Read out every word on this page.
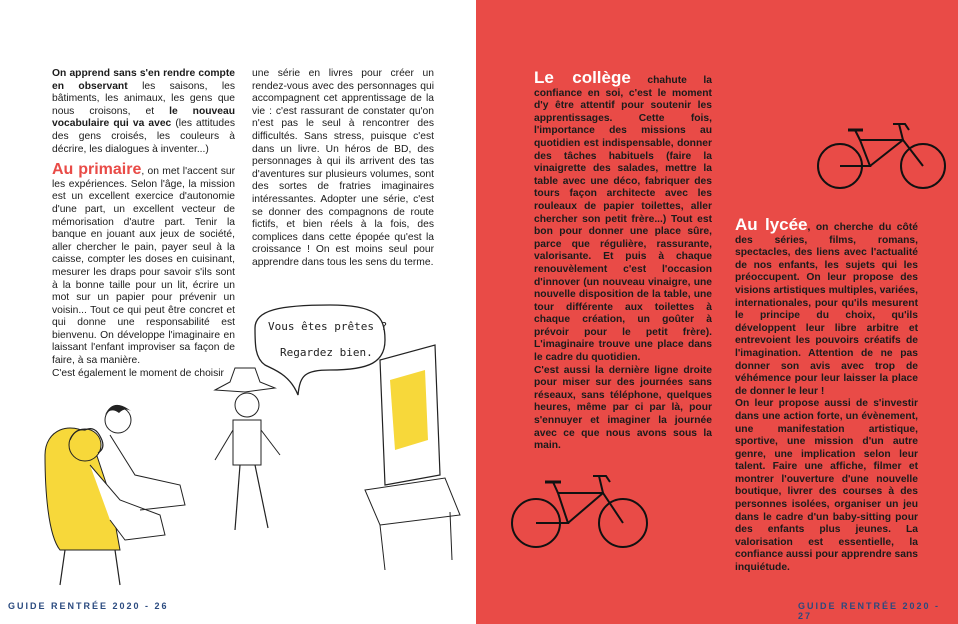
On apprend sans s'en rendre compte en observant les saisons, les bâtiments, les animaux, les gens que nous croisons, et le nouveau vocabulaire qui va avec (les attitudes des gens croisés, les couleurs à décrire, les dialogues à inventer...)

Au primaire, on met l'accent sur les expériences. Selon l'âge, la mission est un excellent exercice d'autonomie d'une part, un excellent vecteur de mémorisation d'autre part. Tenir la banque en jouant aux jeux de société, aller chercher le pain, payer seul à la caisse, compter les doses en cuisinant, mesurer les draps pour savoir s'ils sont à la bonne taille pour un lit, écrire un mot sur un papier pour prévenir un voisin... Tout ce qui peut être concret et qui donne une responsabilité est bienvenu. On développe l'imaginaire en laissant l'enfant improviser sa façon de faire, à sa manière.

C'est également le moment de choisir

une série en livres pour créer un rendez-vous avec des personnages qui accompagnent cet apprentissage de la vie : c'est rassurant de constater qu'on n'est pas le seul à rencontrer des difficultés. Sans stress, puisque c'est dans un livre. Un héros de BD, des personnages à qui ils arrivent des tas d'aventures sur plusieurs volumes, sont des sortes de fratries imaginaires intéressantes. Adopter une série, c'est se donner des compagnons de route fictifs, et bien réels à la fois, des complices dans cette épopée qu'est la croissance ! On est moins seul pour apprendre dans tous les sens du terme.

Vous êtes prêtes ?
Regardez bien.
GUIDE RENTRÉE 2020 - 26

Le collège chahute la confiance en soi, c'est le moment d'y être attentif pour soutenir les apprentissages. Cette fois, l'importance des missions au quotidien est indispensable, donner des tâches habituels (faire la vinaigrette des salades, mettre la table avec une déco, fabriquer des tours façon architecte avec les rouleaux de papier toilettes, aller chercher son petit frère...) Tout est bon pour donner une place sûre, parce que régulière, rassurante, valorisante. Et puis à chaque renouvèlement c'est l'occasion d'innover (un nouveau vinaigre, une nouvelle disposition de la table, une tour différente aux toilettes à chaque création, un goûter à prévoir pour le petit frère). L'imaginaire trouve une place dans le cadre du quotidien.

C'est aussi la dernière ligne droite pour miser sur des journées sans réseaux, sans téléphone, quelques heures, même par ci par là, pour s'ennuyer et imaginer la journée avec ce que nous avons sous la main.

Au lycée, on cherche du côté des séries, films, romans, spectacles, des liens avec l'actualité de nos enfants, les sujets qui les préoccupent. On leur propose des visions artistiques multiples, variées, internationales, pour qu'ils mesurent le principe du choix, qu'ils développent leur libre arbitre et entrevoient les pouvoirs créatifs de l'imagination. Attention de ne pas donner son avis avec trop de véhémence pour leur laisser la place de donner le leur !

On leur propose aussi de s'investir dans une action forte, un évènement, une manifestation artistique, sportive, une mission d'un autre genre, une implication selon leur talent. Faire une affiche, filmer et montrer l'ouverture d'une nouvelle boutique, livrer des courses à des personnes isolées, organiser un jeu dans le cadre d'un baby-sitting pour des enfants plus jeunes. La valorisation est essentielle, la confiance aussi pour apprendre sans inquiétude.

GUIDE RENTRÉE 2020 - 27
